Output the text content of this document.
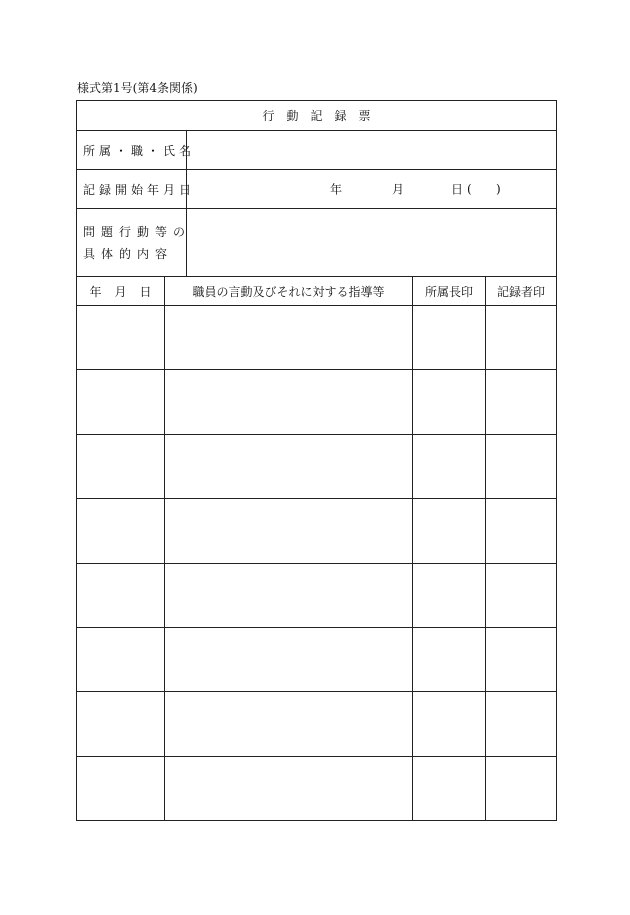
様式第1号(第4条関係)
行動記録票
所属・職・氏名
記録開始年月日	年	月	日 ( )
問題行動等の
具体的内容
年 月 日	職員の言動及びそれに対する指導等	所属長印	記録者印
